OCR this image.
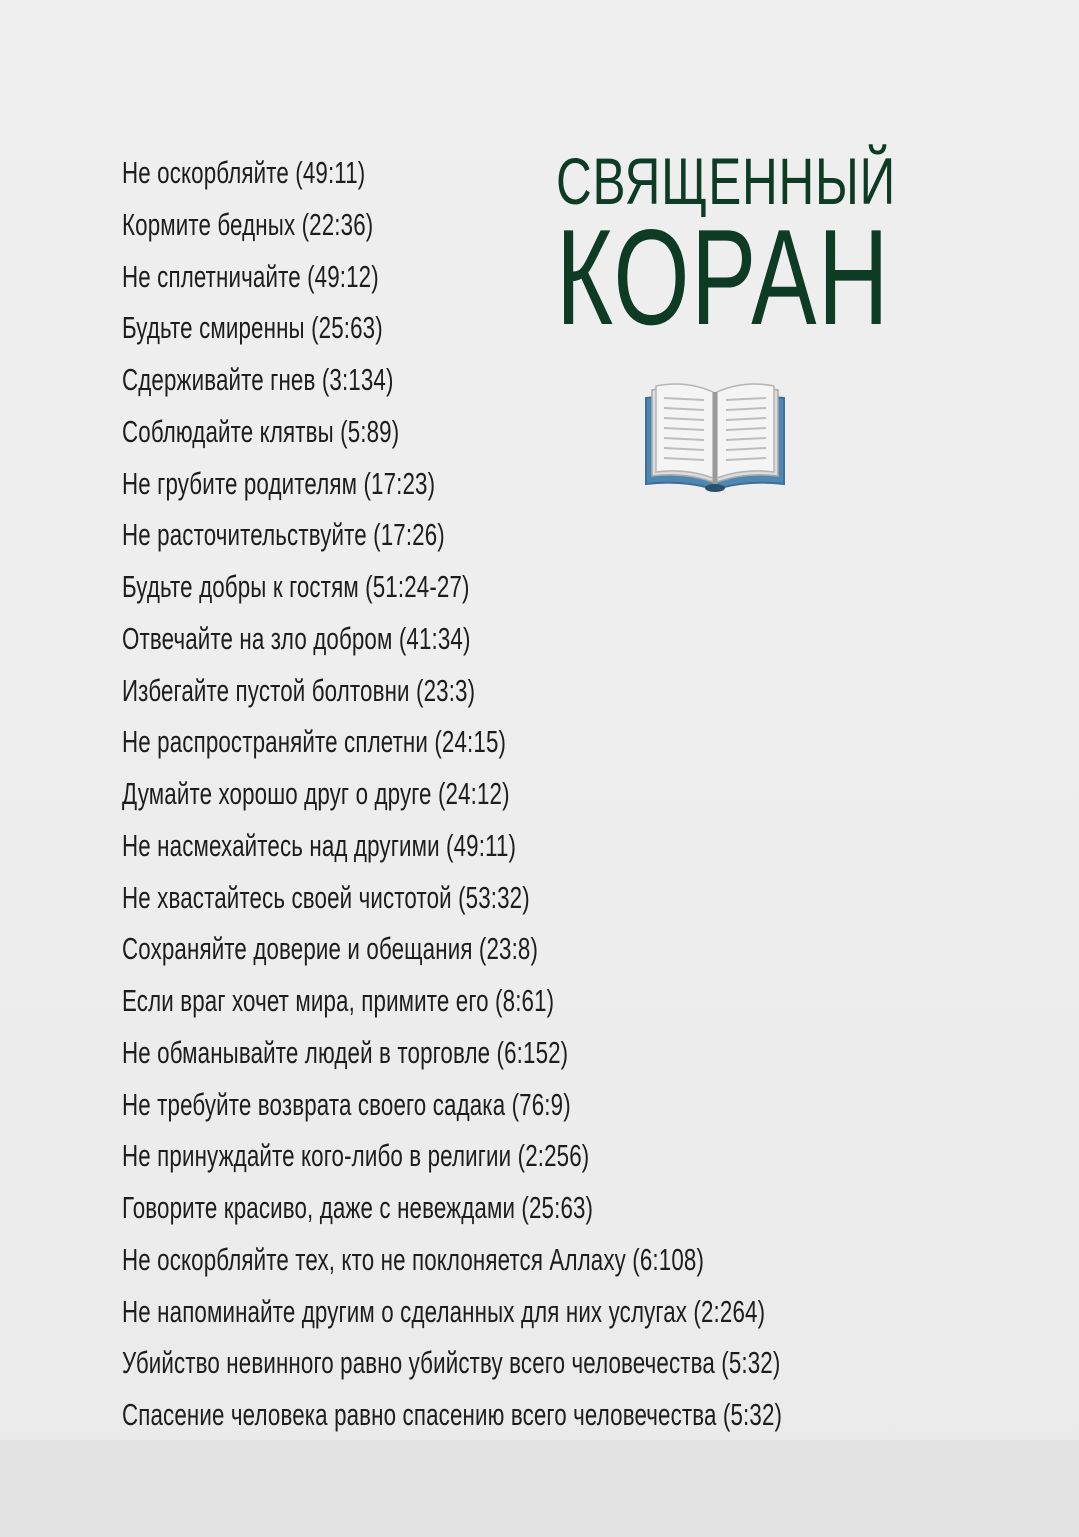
Не оскорбляйте (49:11)
Кормите бедных (22:36)
Не сплетничайте (49:12)
Будьте смиренны (25:63)
Сдерживайте гнев (3:134)
Соблюдайте клятвы (5:89)
Не грубите родителям (17:23)
Не расточительствуйте (17:26)
Будьте добры к гостям (51:24-27)
Отвечайте на зло добром (41:34)
Избегайте пустой болтовни (23:3)
Не распространяйте сплетни (24:15)
Думайте хорошо друг о друге (24:12)
Не насмехайтесь над другими (49:11)
Не хвастайтесь своей чистотой (53:32)
Сохраняйте доверие и обещания (23:8)
Если враг хочет мира, примите его (8:61)
Не обманывайте людей в торговле (6:152)
Не требуйте возврата своего садака (76:9)
Не принуждайте кого-либо в религии (2:256)
Говорите красиво, даже с невеждами (25:63)
Не оскорбляйте тех, кто не поклоняется Аллаху (6:108)
Не напоминайте другим о сделанных для них услугах (2:264)
Убийство невинного равно убийству всего человечества (5:32)
Спасение человека равно спасению всего человечества (5:32)
СВЯЩЕННЫЙ
КОРАН
